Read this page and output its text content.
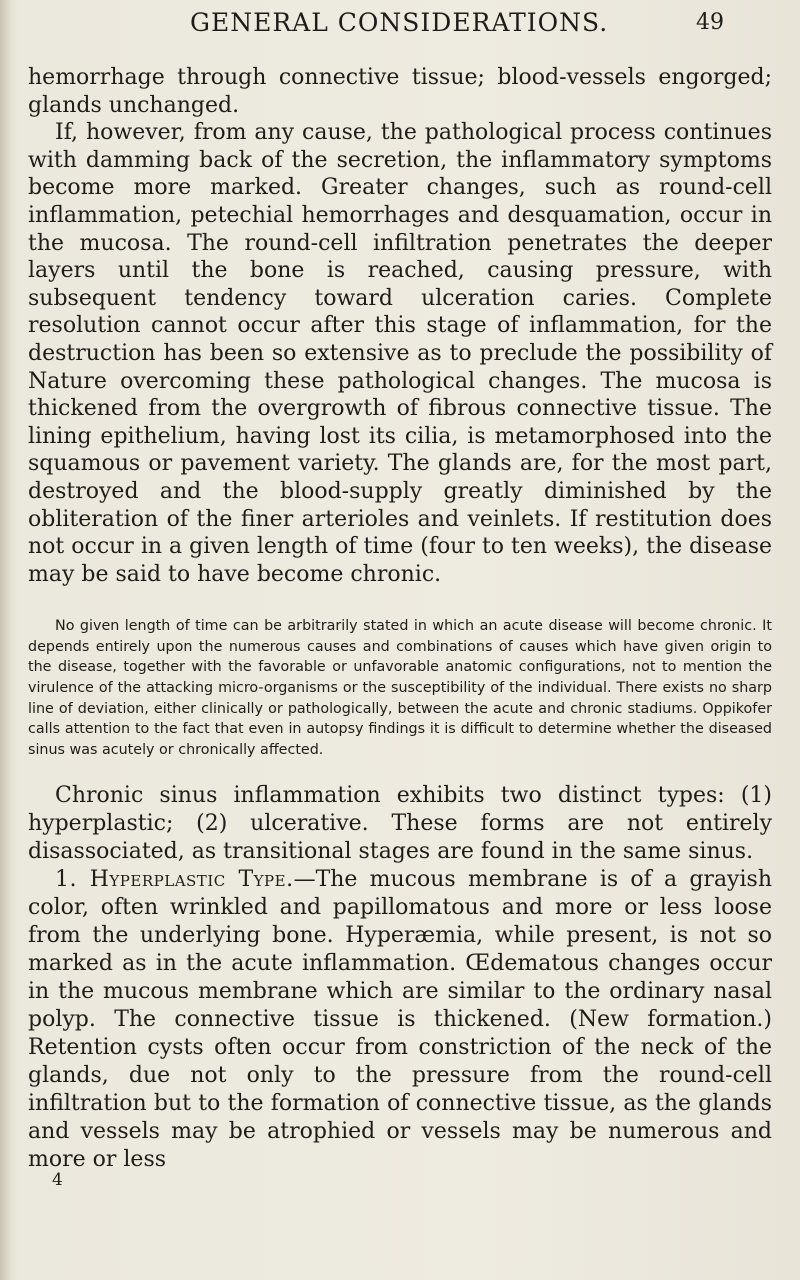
GENERAL CONSIDERATIONS.	49

hemorrhage through connective tissue; blood-vessels engorged; glands unchanged.

If, however, from any cause, the pathological process continues with damming back of the secretion, the inflammatory symptoms become more marked. Greater changes, such as round-cell inflammation, petechial hemorrhages and desquamation, occur in the mucosa. The round-cell infiltration penetrates the deeper layers until the bone is reached, causing pressure, with subsequent tendency toward ulceration caries. Complete resolution cannot occur after this stage of inflammation, for the destruction has been so extensive as to preclude the possibility of Nature overcoming these pathological changes. The mucosa is thickened from the overgrowth of fibrous connective tissue. The lining epithelium, having lost its cilia, is metamorphosed into the squamous or pavement variety. The glands are, for the most part, destroyed and the blood-supply greatly diminished by the obliteration of the finer arterioles and veinlets. If restitution does not occur in a given length of time (four to ten weeks), the disease may be said to have become chronic.

No given length of time can be arbitrarily stated in which an acute disease will become chronic. It depends entirely upon the numerous causes and combinations of causes which have given origin to the disease, together with the favorable or unfavorable anatomic configurations, not to mention the virulence of the attacking micro-organisms or the susceptibility of the individual. There exists no sharp line of deviation, either clinically or pathologically, between the acute and chronic stadiums. Oppikofer calls attention to the fact that even in autopsy findings it is difficult to determine whether the diseased sinus was acutely or chronically affected.

Chronic sinus inflammation exhibits two distinct types: (1) hyperplastic; (2) ulcerative. These forms are not entirely disassociated, as transitional stages are found in the same sinus.

1. Hyperplastic Type.—The mucous membrane is of a grayish color, often wrinkled and papillomatous and more or less loose from the underlying bone. Hyperæmia, while present, is not so marked as in the acute inflammation. Œdematous changes occur in the mucous membrane which are similar to the ordinary nasal polyp. The connective tissue is thickened. (New formation.) Retention cysts often occur from constriction of the neck of the glands, due not only to the pressure from the round-cell infiltration but to the formation of connective tissue, as the glands and vessels may be atrophied or vessels may be numerous and more or less

4
